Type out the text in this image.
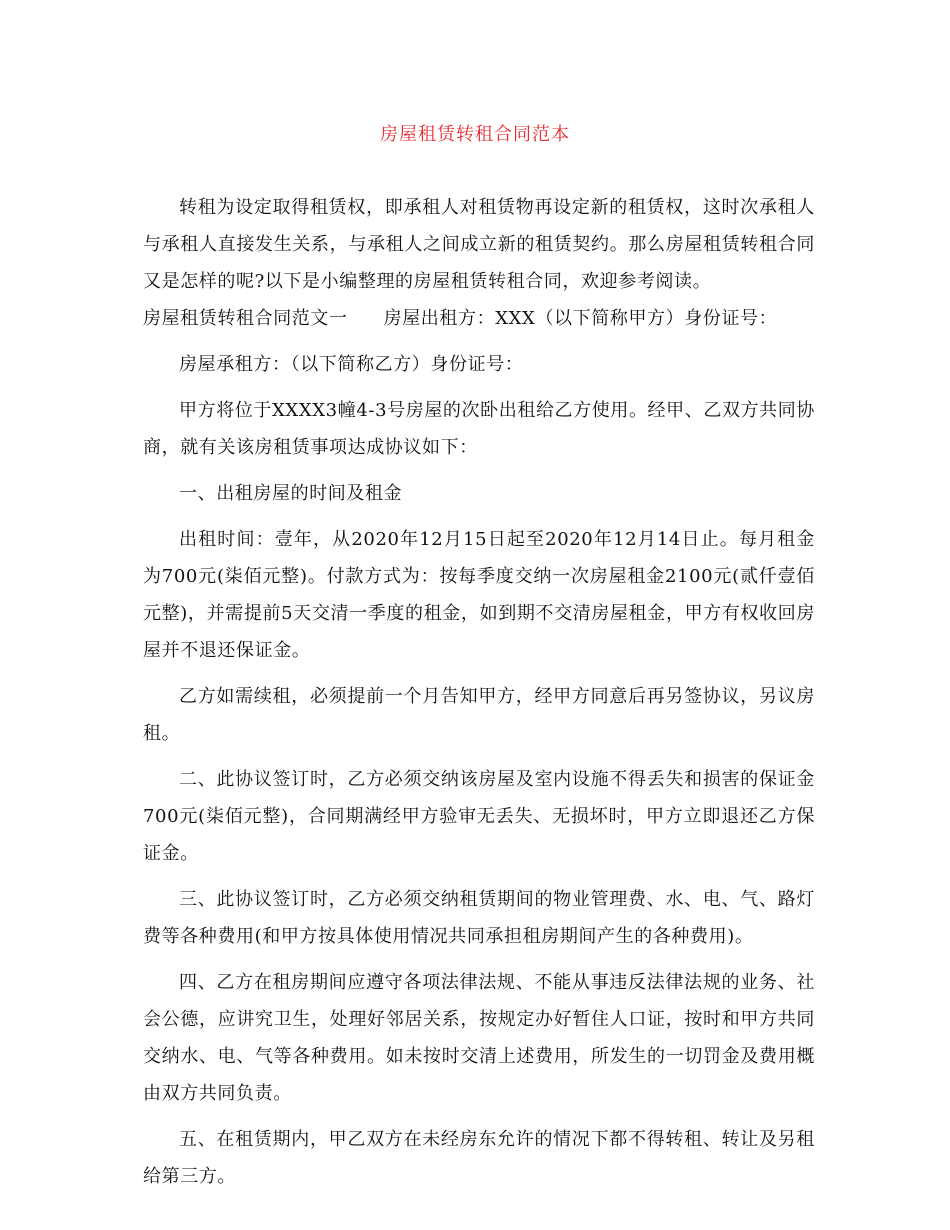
房屋租赁转租合同范本

转租为设定取得租赁权，即承租人对租赁物再设定新的租赁权，这时次承租人与承租人直接发生关系，与承租人之间成立新的租赁契约。那么房屋租赁转租合同又是怎样的呢?以下是小编整理的房屋租赁转租合同，欢迎参考阅读。

房屋租赁转租合同范文一 房屋出租方：XXX（以下简称甲方）身份证号：

房屋承租方：（以下简称乙方）身份证号：

甲方将位于XXXX3幢4-3号房屋的次卧出租给乙方使用。经甲、乙双方共同协商，就有关该房租赁事项达成协议如下：

一、出租房屋的时间及租金

出租时间：壹年，从2020年12月15日起至2020年12月14日止。每月租金为700元(柒佰元整)。付款方式为：按每季度交纳一次房屋租金2100元(贰仟壹佰元整)，并需提前5天交清一季度的租金，如到期不交清房屋租金，甲方有权收回房屋并不退还保证金。

乙方如需续租，必须提前一个月告知甲方，经甲方同意后再另签协议，另议房租。

二、此协议签订时，乙方必须交纳该房屋及室内设施不得丢失和损害的保证金700元(柒佰元整)，合同期满经甲方验审无丢失、无损坏时，甲方立即退还乙方保证金。

三、此协议签订时，乙方必须交纳租赁期间的物业管理费、水、电、气、路灯费等各种费用(和甲方按具体使用情况共同承担租房期间产生的各种费用)。

四、乙方在租房期间应遵守各项法律法规、不能从事违反法律法规的业务、社会公德，应讲究卫生，处理好邻居关系，按规定办好暂住人口证，按时和甲方共同交纳水、电、气等各种费用。如未按时交清上述费用，所发生的一切罚金及费用概由双方共同负责。

五、在租赁期内，甲乙双方在未经房东允许的情况下都不得转租、转让及另租给第三方。
